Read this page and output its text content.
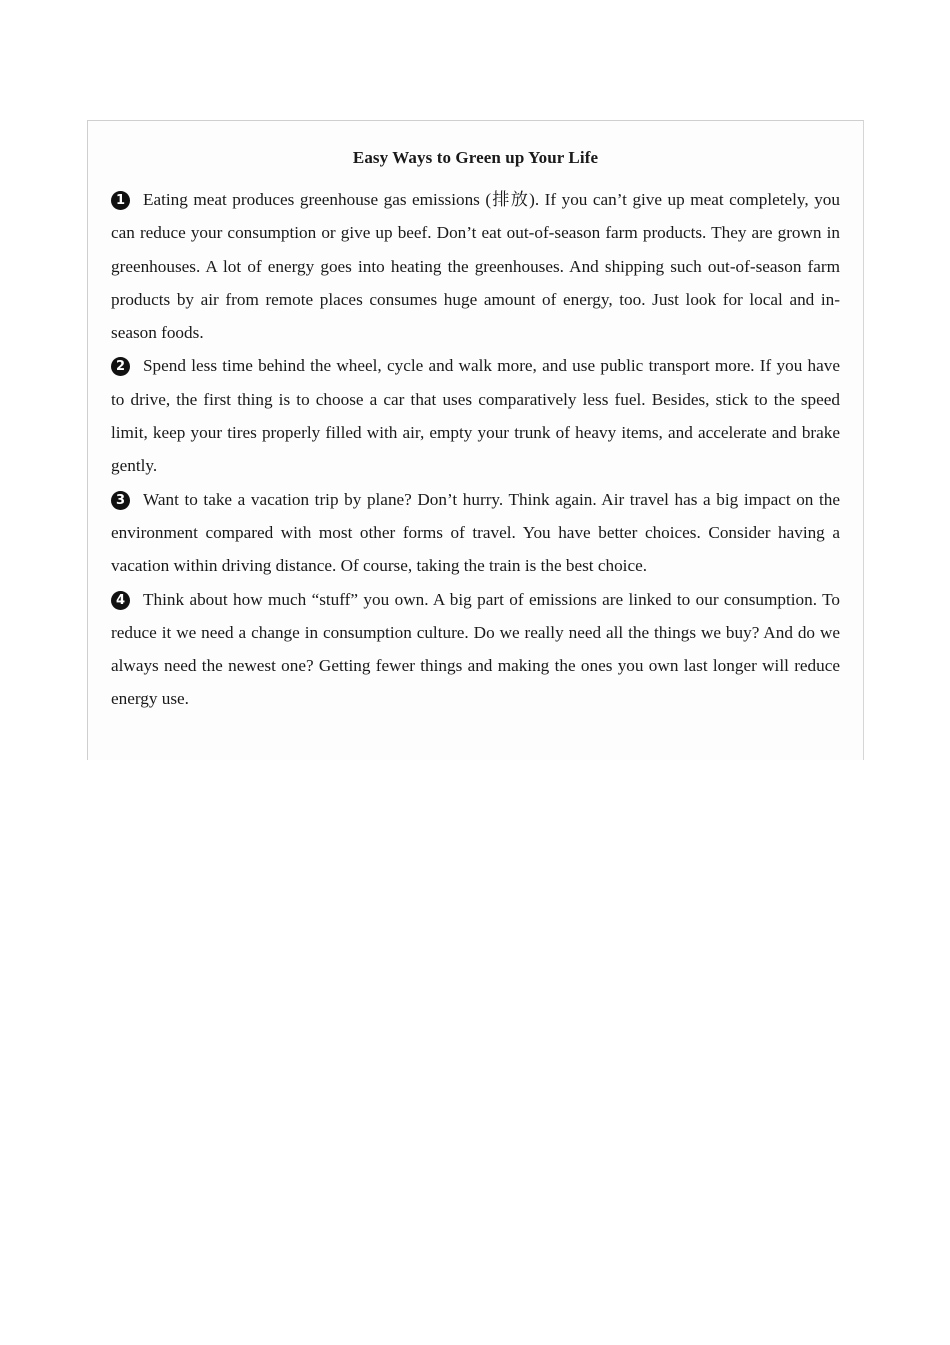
Easy Ways to Green up Your Life

1 Eating meat produces greenhouse gas emissions (排放). If you can’t give up meat completely, you can reduce your consumption or give up beef. Don’t eat out-of-season farm products. They are grown in greenhouses. A lot of energy goes into heating the greenhouses. And shipping such out-of-season farm products by air from remote places consumes huge amount of energy, too. Just look for local and in-season foods.

2 Spend less time behind the wheel, cycle and walk more, and use public transport more. If you have to drive, the first thing is to choose a car that uses comparatively less fuel. Besides, stick to the speed limit, keep your tires properly filled with air, empty your trunk of heavy items, and accelerate and brake gently.

3 Want to take a vacation trip by plane? Don’t hurry. Think again. Air travel has a big impact on the environment compared with most other forms of travel. You have better choices. Consider having a vacation within driving distance. Of course, taking the train is the best choice.

4 Think about how much “stuff” you own. A big part of emissions are linked to our consumption. To reduce it we need a change in consumption culture. Do we really need all the things we buy? And do we always need the newest one? Getting fewer things and making the ones you own last longer will reduce energy use.
